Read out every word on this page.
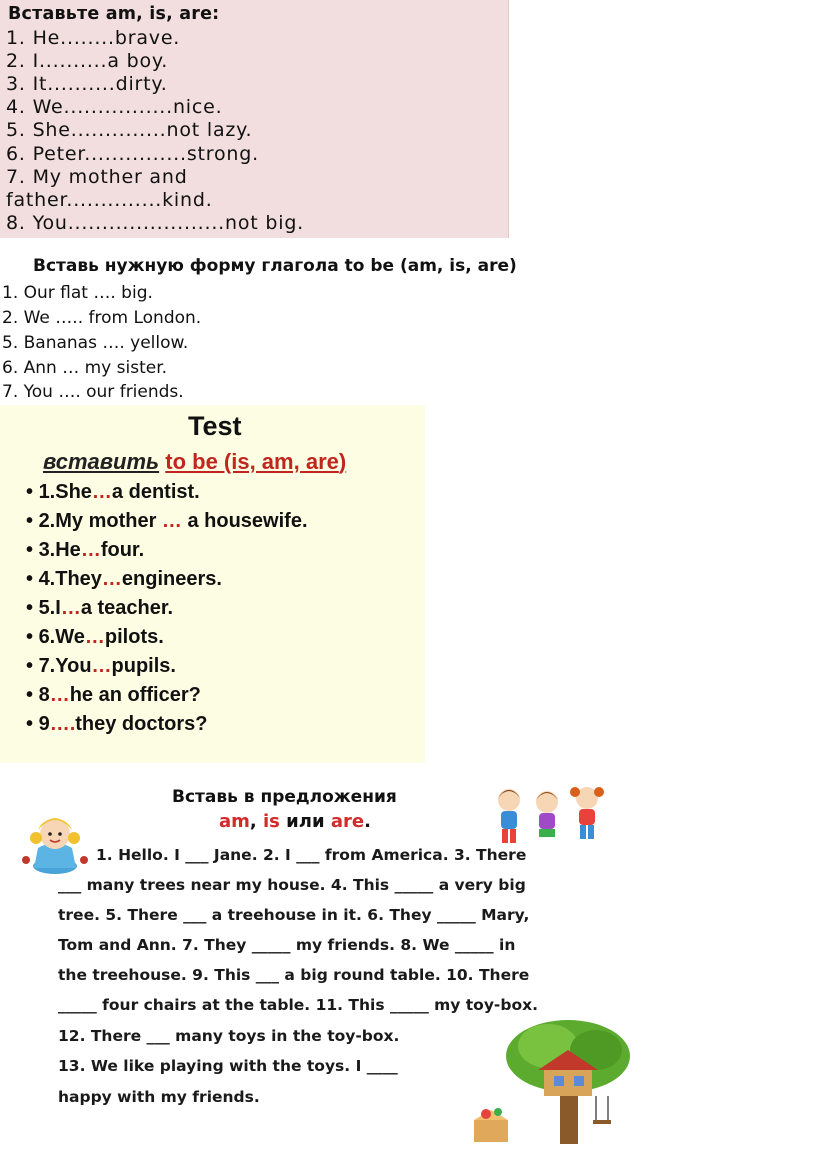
Вставьте am, is, are:
1. He........brave.
2. I..........a boy.
3. It..........dirty.
4. We................nice.
5. She..............not lazy.
6. Peter...............strong.
7. My mother and
father..............kind.
8. You.......................not big.
Вставь нужную форму глагола to be (am, is, are)
1. Our flat …. big.
2. We ….. from London.
5. Bananas …. yellow.
6. Ann … my sister.
7. You …. our friends.
Test
вставить to be (is, am, are)
• 1.She…a dentist.
• 2.My mother … a housewife.
• 3.He…four.
• 4.They…engineers.
• 5.I…a teacher.
• 6.We…pilots.
• 7.You…pupils.
• 8…he an officer?
• 9….they doctors?
Вставь в предложения
am, is или are.
1. Hello. I ___ Jane. 2. I ___ from America. 3. There
___ many trees near my house. 4. This _____ a very big
tree. 5. There ___ a treehouse in it. 6. They _____ Mary,
Tom and Ann. 7. They _____ my friends. 8. We _____ in
the treehouse. 9. This ___ a big round table. 10. There
_____ four chairs at the table. 11. This _____ my toy-box.
12. There ___ many toys in the toy-box.
13. We like playing with the toys. I ____
happy with my friends.
